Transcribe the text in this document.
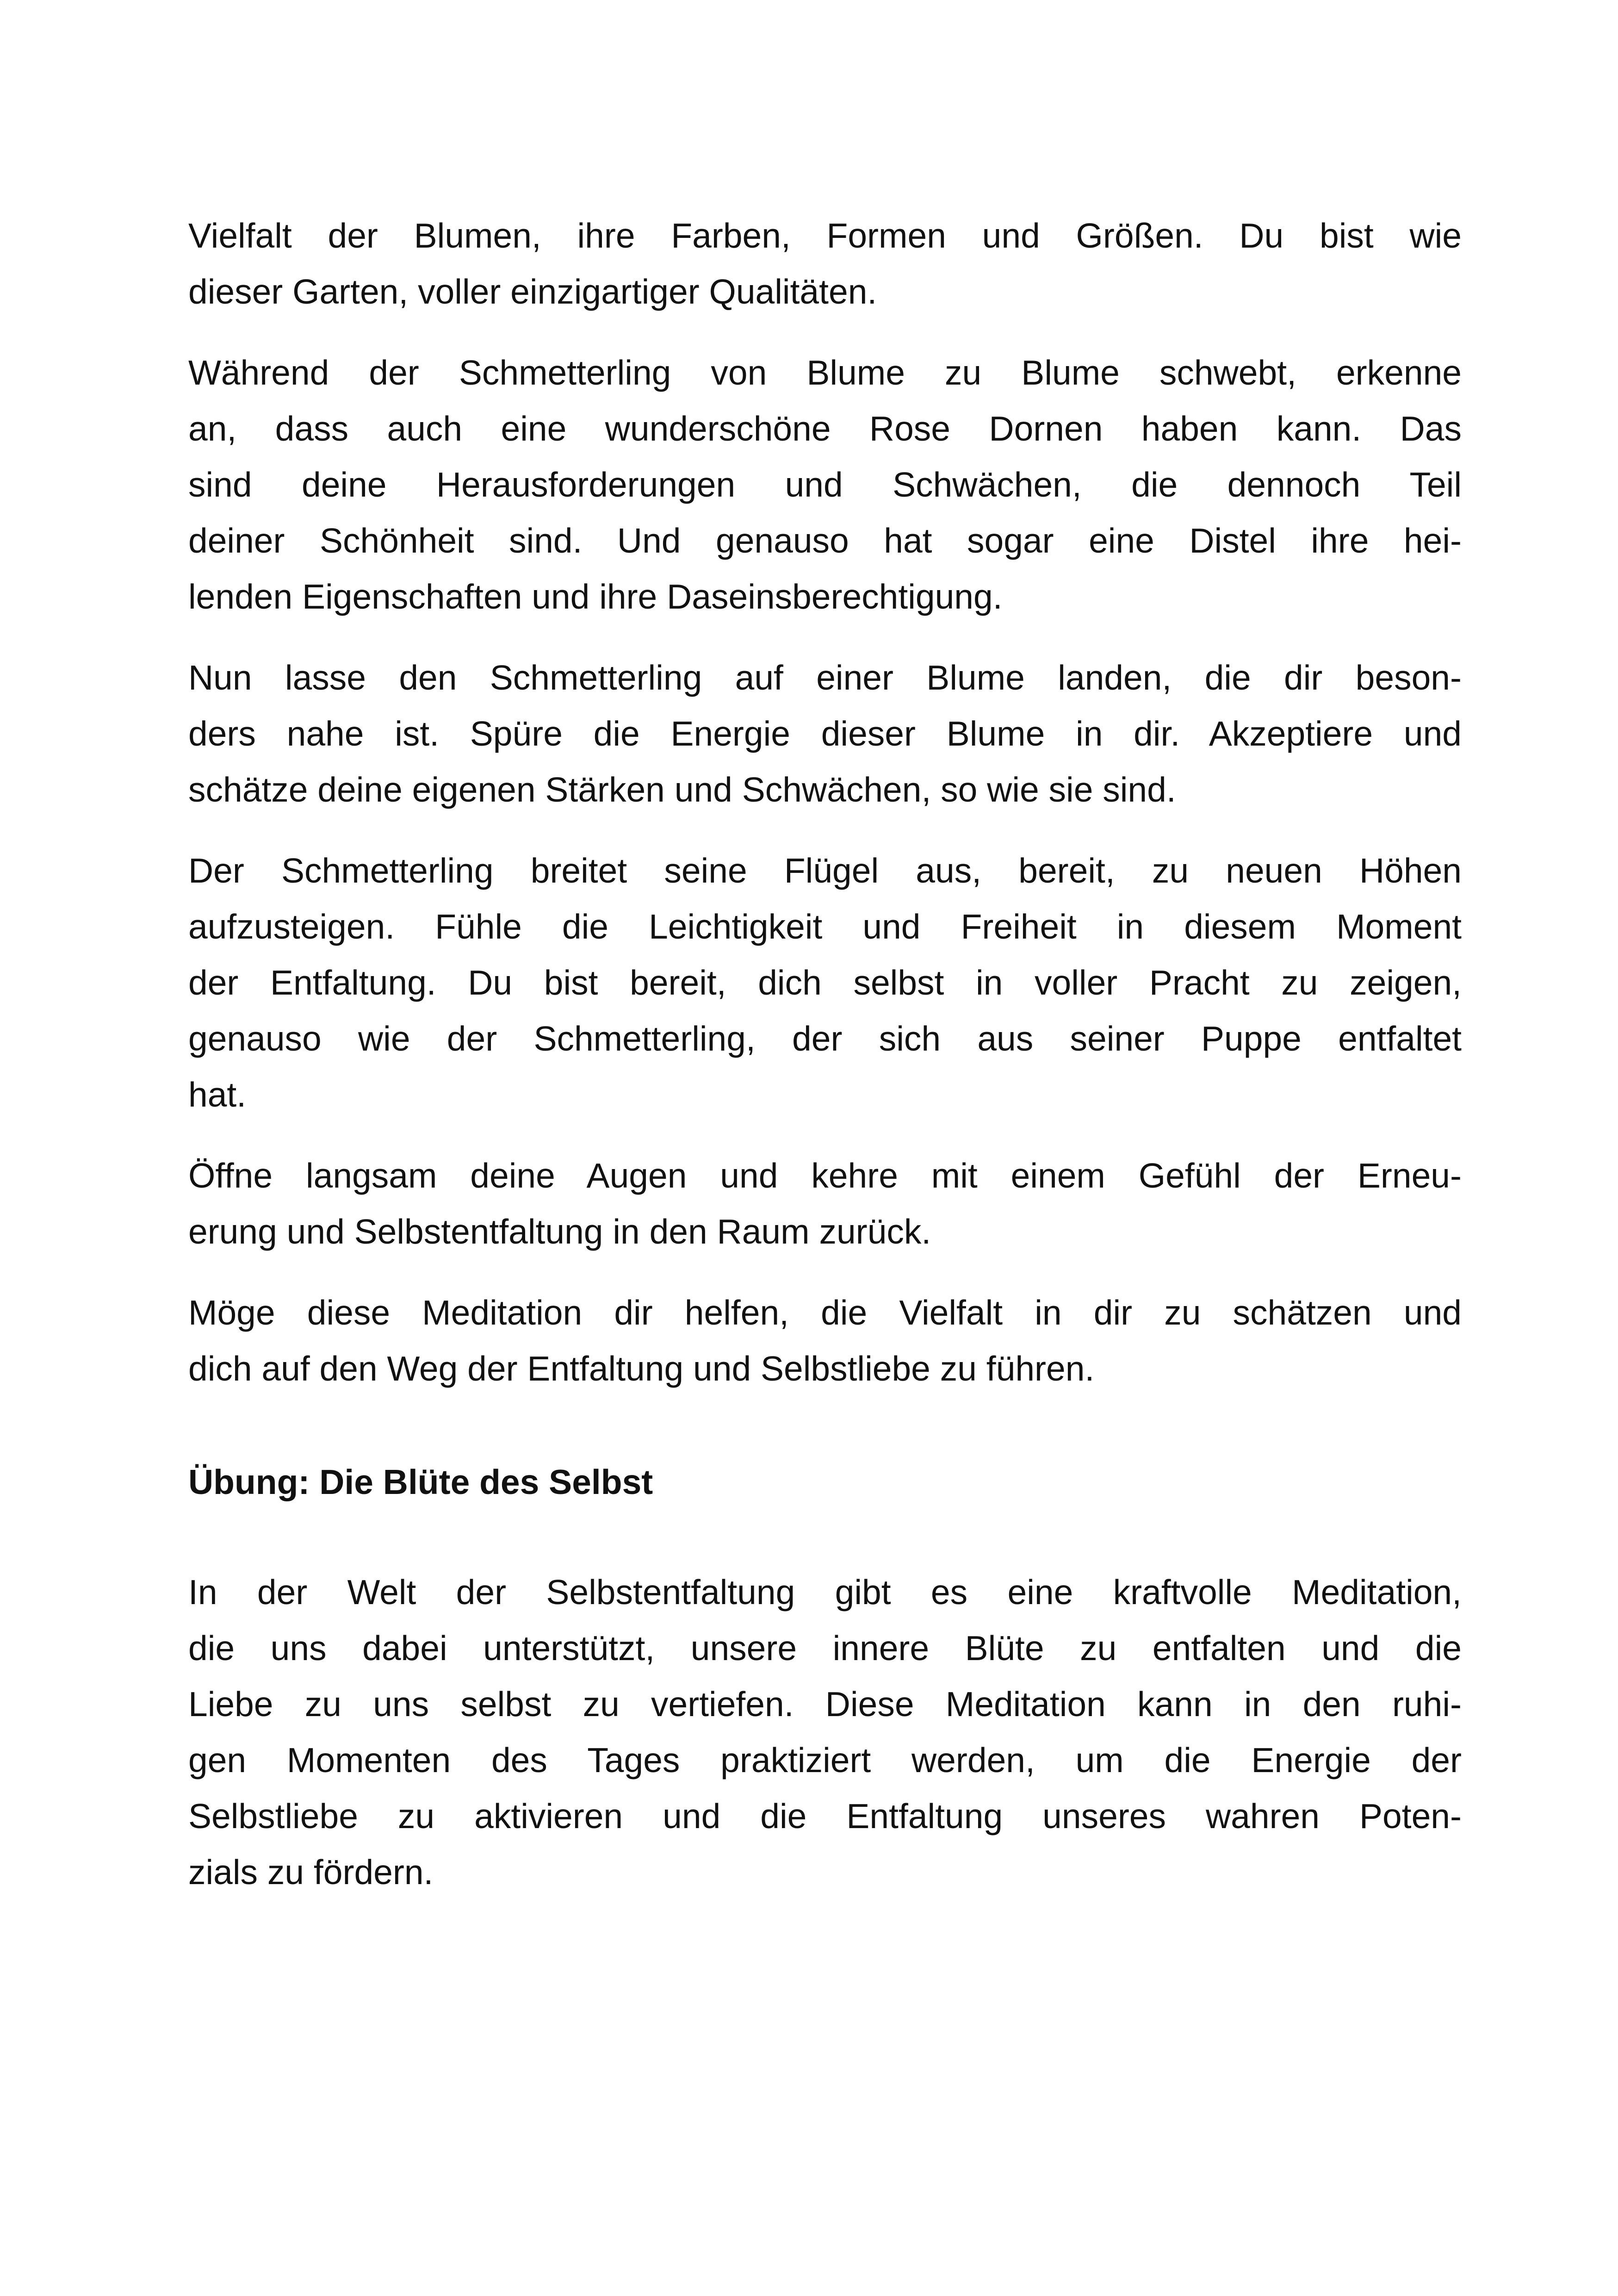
Vielfalt der Blumen, ihre Farben, Formen und Größen. Du bist wie
dieser Garten, voller einzigartiger Qualitäten.
Während der Schmetterling von Blume zu Blume schwebt, erkenne
an, dass auch eine wunderschöne Rose Dornen haben kann. Das
sind deine Herausforderungen und Schwächen, die dennoch Teil
deiner Schönheit sind. Und genauso hat sogar eine Distel ihre hei-
lenden Eigenschaften und ihre Daseinsberechtigung.
Nun lasse den Schmetterling auf einer Blume landen, die dir beson-
ders nahe ist. Spüre die Energie dieser Blume in dir. Akzeptiere und
schätze deine eigenen Stärken und Schwächen, so wie sie sind.
Der Schmetterling breitet seine Flügel aus, bereit, zu neuen Höhen
aufzusteigen. Fühle die Leichtigkeit und Freiheit in diesem Moment
der Entfaltung. Du bist bereit, dich selbst in voller Pracht zu zeigen,
genauso wie der Schmetterling, der sich aus seiner Puppe entfaltet
hat.
Öffne langsam deine Augen und kehre mit einem Gefühl der Erneu-
erung und Selbstentfaltung in den Raum zurück.
Möge diese Meditation dir helfen, die Vielfalt in dir zu schätzen und
dich auf den Weg der Entfaltung und Selbstliebe zu führen.
Übung: Die Blüte des Selbst
In der Welt der Selbstentfaltung gibt es eine kraftvolle Meditation,
die uns dabei unterstützt, unsere innere Blüte zu entfalten und die
Liebe zu uns selbst zu vertiefen. Diese Meditation kann in den ruhi-
gen Momenten des Tages praktiziert werden, um die Energie der
Selbstliebe zu aktivieren und die Entfaltung unseres wahren Poten-
zials zu fördern.
